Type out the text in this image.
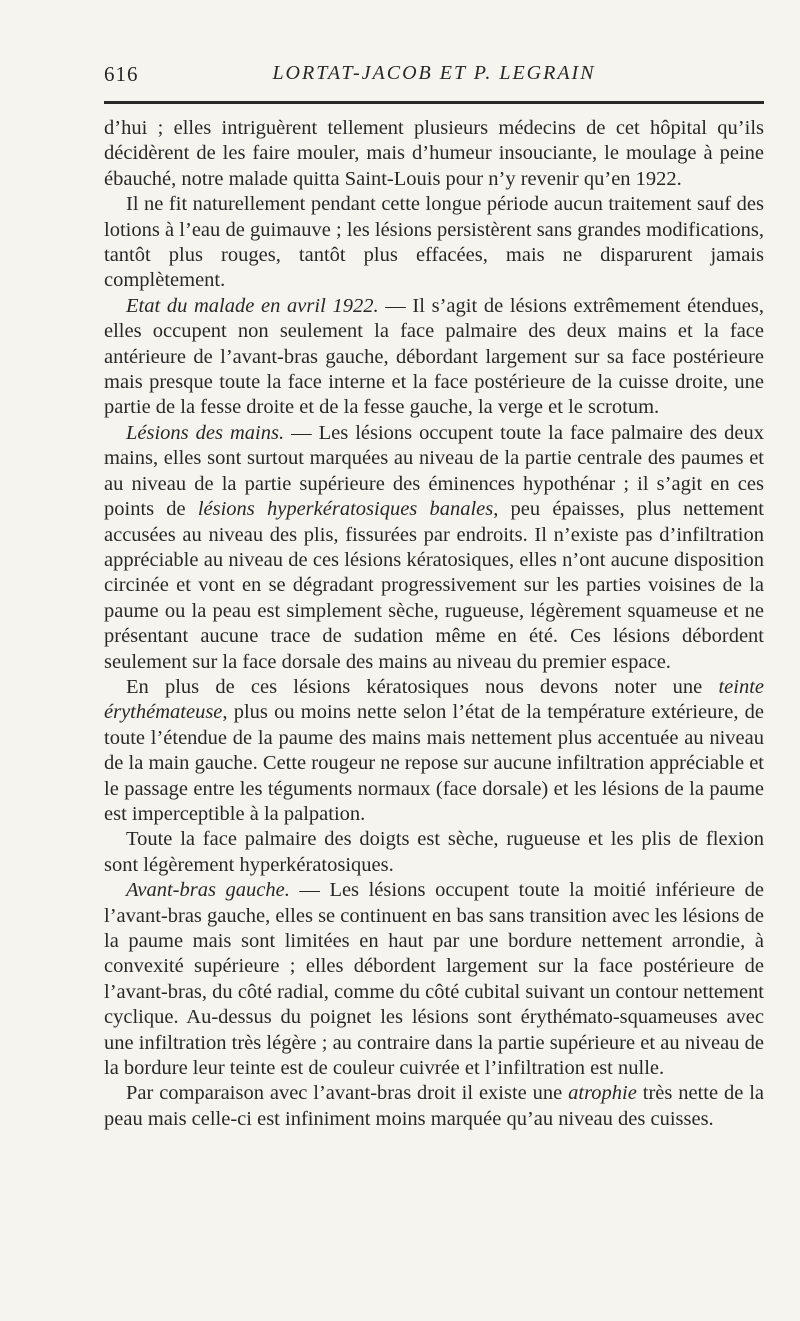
616	LORTAT-JACOB ET P. LEGRAIN

d’hui ; elles intriguèrent tellement plusieurs médecins de cet hôpital qu’ils décidèrent de les faire mouler, mais d’humeur insouciante, le moulage à peine ébauché, notre malade quitta Saint-Louis pour n’y revenir qu’en 1922.

Il ne fit naturellement pendant cette longue période aucun traitement sauf des lotions à l’eau de guimauve ; les lésions persistèrent sans grandes modifications, tantôt plus rouges, tantôt plus effacées, mais ne disparurent jamais complètement.

Etat du malade en avril 1922. — Il s’agit de lésions extrêmement étendues, elles occupent non seulement la face palmaire des deux mains et la face antérieure de l’avant-bras gauche, débordant largement sur sa face postérieure mais presque toute la face interne et la face postérieure de la cuisse droite, une partie de la fesse droite et de la fesse gauche, la verge et le scrotum.

Lésions des mains. — Les lésions occupent toute la face palmaire des deux mains, elles sont surtout marquées au niveau de la partie centrale des paumes et au niveau de la partie supérieure des éminences hypothénar ; il s’agit en ces points de lésions hyperkératosiques banales, peu épaisses, plus nettement accusées au niveau des plis, fissurées par endroits. Il n’existe pas d’infiltration appréciable au niveau de ces lésions kératosiques, elles n’ont aucune disposition circinée et vont en se dégradant progressivement sur les parties voisines de la paume ou la peau est simplement sèche, rugueuse, légèrement squameuse et ne présentant aucune trace de sudation même en été. Ces lésions débordent seulement sur la face dorsale des mains au niveau du premier espace.

En plus de ces lésions kératosiques nous devons noter une teinte érythémateuse, plus ou moins nette selon l’état de la température extérieure, de toute l’étendue de la paume des mains mais nettement plus accentuée au niveau de la main gauche. Cette rougeur ne repose sur aucune infiltration appréciable et le passage entre les téguments normaux (face dorsale) et les lésions de la paume est imperceptible à la palpation.

Toute la face palmaire des doigts est sèche, rugueuse et les plis de flexion sont légèrement hyperkératosiques.

Avant-bras gauche. — Les lésions occupent toute la moitié inférieure de l’avant-bras gauche, elles se continuent en bas sans transition avec les lésions de la paume mais sont limitées en haut par une bordure nettement arrondie, à convexité supérieure ; elles débordent largement sur la face postérieure de l’avant-bras, du côté radial, comme du côté cubital suivant un contour nettement cyclique. Au-dessus du poignet les lésions sont érythémato-squameuses avec une infiltration très légère ; au contraire dans la partie supérieure et au niveau de la bordure leur teinte est de couleur cuivrée et l’infiltration est nulle.

Par comparaison avec l’avant-bras droit il existe une atrophie très nette de la peau mais celle-ci est infiniment moins marquée qu’au niveau des cuisses.
